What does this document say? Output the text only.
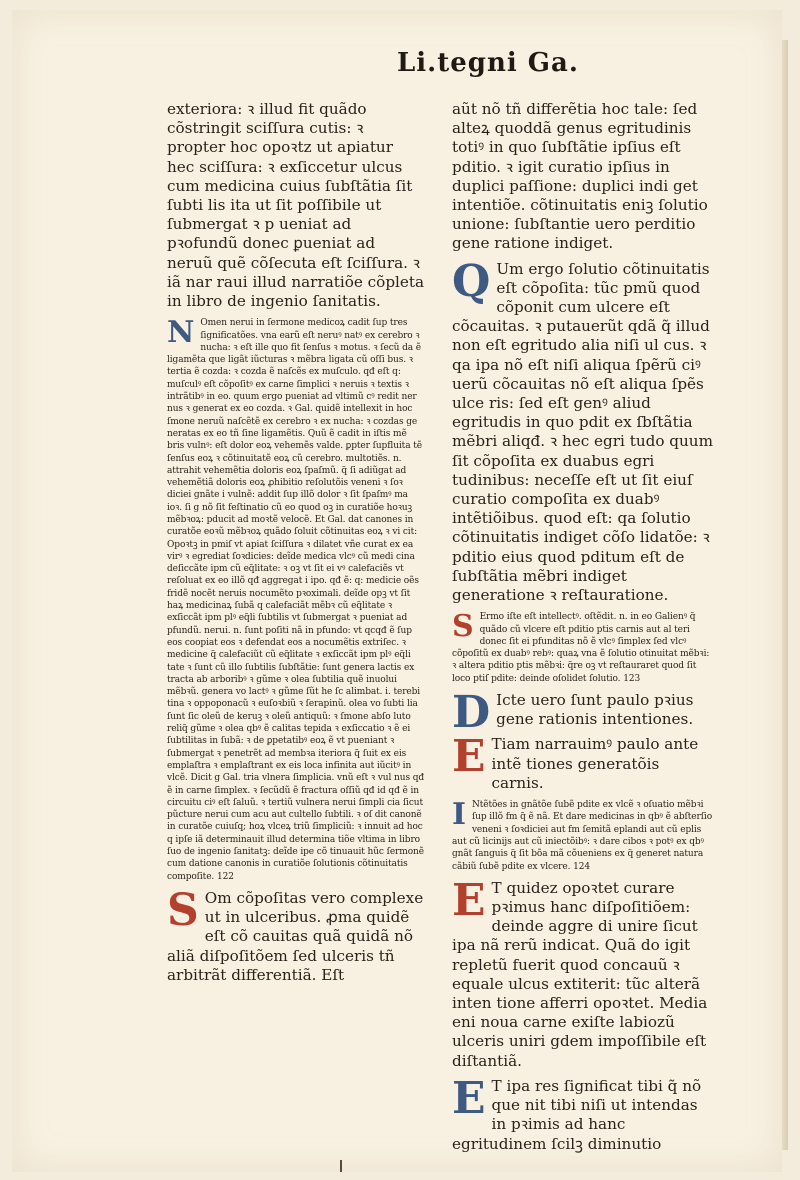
Li.tegni Ga.
exteriora: ꝛ illud fit quãdo cõstringit sciſſura cutis: ꝛ propter hoc opoꝛtz ut apiatur hec sciſſura: ꝛ exſiccetur ulcus cum medicina cuius ſubſtãtia ſit ſubti lis ita ut ſit poſſibile ut ſubmergat ꝛ p ueniat ad pꝛofundũ donec ꝑueniat ad neruũ quẽ cõſecuta eſt ſciſſura. ꝛ iã nar raui illud narratiõe cõpleta in libro de ingenio ſanitatis.
N Omen nerui in ſermone medicoꝝ cadit ſup tres ſignificatões. vna earũ eſt neruꝰ natꝰ ex cerebro ꝛ nucha: ꝛ eſt ille quo fit ſenſus ꝛ motus. ꝛ ſecũ da ẽ ligamẽta que ligãt iũcturas ꝛ mẽbra ligata cũ oſſi bus. ꝛ tertia ẽ cozda: ꝛ cozda ẽ naſcẽs ex muſculo. qđ eſt q: muſculꝰ eſt cõpoſitꝰ ex carne ſimplici ꝛ neruis ꝛ textis ꝛ intrãtibꝰ in eo. quum ergo pueniat ad vltimũ cꝰ redit ner nus ꝛ generat ex eo cozda. ꝛ Gal. quidẽ intellexit in hoc ſmone neruũ naſcẽtẽ ex cerebro ꝛ ex nucha: ꝛ cozdas ge neratas ex eo tñ ſine ligamẽtis. Quũ ẽ cadit in iſtis mẽ bris vulnꝰ: eſt dolor eoꝝ vehemẽs valde. ꝑpter ſupfluita tẽ ſenſus eoꝝ ꝛ cõtinuitatẽ eoꝝ cũ cerebro. multotiẽs. n. attrahit vehemẽtia doloris eoꝝ ſpaſmũ. q̃ ſi adiũgat ad vehemẽtiã doloris eoꝝ ꝓhibitio reſolutõis veneni ꝛ ſoꝛ diciei gnãte i vulnẽ: addit ſup illõ dolor ꝛ ſit ſpaſmꝰ ma ioꝛ. ſi g nõ ſit feſtinatio cũ eo quod oꝫ in curatiõe hoꝛuꝫ mẽbꝛoꝝ: pducit ad moꝛtẽ velocẽ. Et Gal. dat canones in curatõe eoꝛũ mẽbꝛoꝝ quãdo ſoluit cõtinuitas eoꝝ ꝛ vi cit: Opoꝛtꝫ in pmiſ vt apiat ſciſſura ꝛ dilatet vñe curat ex ea virꝰ ꝛ egrediat ſoꝛdicies: deĩde medica vlcꝰ cũ medi cina deſiccãte ipm cũ eq̃litate: ꝛ oꝫ vt ſit ei vꝰ calefaciẽs vt reſoluat ex eo illõ qđ aggregat i ipo. qđ ẽ: q: medicie oẽs fridẽ nocẽt neruis nocumẽto pꝛoximali. deĩde opꝫ vt ſit haꝝ medicinaꝝ ſubã q calefaciãt mẽbꝛ cũ eq̃litate ꝛ exſiccãt ipm plꝰ eq̃li ſubtilis vt ſubmergat ꝛ pueniat ad pfundũ. nerui. n. ſunt poſiti nã in pfundo: vt qcqđ ẽ ſup eos coopiat eos ꝛ defendat eos a nocumẽtis extriſec. ꝛ medicine q̃ calefaciũt cũ eq̃litate ꝛ exſiccãt ipm plꝰ eq̃li tate ꝛ ſunt cũ illo ſubtilis ſubſtãtie: ſunt genera lactis ex tracta ab arboribꝰ ꝛ gũme ꝛ olea ſubtilia quẽ inuolui mẽbꝛũ. genera vo lactꝰ ꝛ gũme ſũt he ſc alimbat. i. terebi tina ꝛ oppoponacũ ꝛ euſoꝛbiũ ꝛ ſerapinũ. olea vo ſubti lia ſunt ſic oleũ de keruꝫ ꝛ oleũ antiquũ: ꝛ ſmone abſo luto reliq̃ gũme ꝛ olea qbꝰ ẽ calitas tepida ꝛ exſiccatio ꝛ ẽ ei ſubtilitas in ſubã: ꝛ de ꝑpetatibꝰ eoꝝ ẽ vt pueniant ꝛ ſubmergat ꝛ penetrẽt ad membꝛa iteriora q̃ ſuit ex eis emplaſtra ꝛ emplaſtrant ex eis loca infinita aut iũcitꝰ in vlcẽ. Dicit g Gal. tria vlnera ſimplicia. vnũ eſt ꝛ vul nus qđ ẽ in carne ſimplex. ꝛ ſecũdũ ẽ fractura oſſiũ qđ id qđ ẽ in circuitu ciꝰ eſt ſaluũ. ꝛ tertiũ vulnera nerui ſimpli cia ſicut pũcture nerui cum acu aut cultello ſubtili. ꝛ oſ dit canonẽ in curatõe cuiuſq; hoꝝ vlceꝝ triũ ſimpliciũ: ꝛ innuit ad hoc q ipſe iã determinauit illud determina tiõe vltima in libro ſuo de ingenio ſanitatꝫ: deĩde ipe cõ tinuauit hũc ſermonẽ cum datione canonis in curatiõe ſolutionis cõtinuitatis compoſite. 122
S Om cõpoſitas vero complexe ut in ulceribus. ꝓma quidẽ eſt cõ cauitas quã quidã nõ aliã diſpoſitõem ſed ulceris tñ arbitrãt differentiã. Eſt
aũt nõ tñ differẽtia hoc tale: ſed alteꝝ quoddã genus egritudinis totiꝰ in quo ſubſtãtie ipſius eſt pditio. ꝛ igit curatio ipſius in duplici paſſione: duplici indi get intentiõe. cõtinuitatis eniꝫ ſolutio unione: ſubſtantie uero perditio gene ratione indiget.
Q Um ergo ſolutio cõtinuitatis eſt cõpoſita: tũc pmũ quod cõponit cum ulcere eſt cõcauitas. ꝛ putauerũt qdã q̃ illud non eſt egritudo alia niſi ul cus. ꝛ qa ipa nõ eſt niſi aliqua ſpẽrũ ciꝰ uerũ cõcauitas nõ eſt aliqua ſpẽs ulce ris: ſed eſt genꝰ aliud egritudis in quo pdit ex ſbſtãtia mẽbri aliqđ. ꝛ hec egri tudo quum ſit cõpoſita ex duabus egri tudinibus: neceſſe eſt ut ſit eiuſ curatio compoſita ex duabꝰ intẽtiõibus. quod eſt: qa ſolutio cõtinuitatis indiget cõſo lidatõe: ꝛ pditio eius quod pditum eſt de ſubſtãtia mẽbri indiget generatione ꝛ reſtauratione.
S Ermo iſte eſt intellectꝰ. oſtẽdit. n. in eo Galienꝰ q̃ quãdo cũ vlcere eſt pditio ptis carnis aut al teri donec ſit ei pfunditas nõ ẽ vlcꝰ ſimplex ſed vlcꝰ cõpoſitũ ex duabꝰ rebꝰ: quaꝝ vna ẽ ſolutio otinuitat mẽbꝛi: ꝛ altera pditio ptis mẽbꝛi: q̃re oꝫ vt reſtauraret quod ſit loco ptiſ pdite: deinde oſolidet ſolutio. 123
D Icte uero ſunt paulo pꝛius gene rationis intentiones.
E Tiam narrauimꝰ paulo ante intẽ tiones generatõis carnis.
I Ntẽtões in gnãtõe ſubẽ pdite ex vlcẽ ꝛ oſuatio mẽbꝛi ſup illõ fm q̃ ẽ nã. Et dare medicinas in qbꝰ ẽ abſterſio veneni ꝛ ſoꝛdiciei aut fm ſemitã eplandi aut cũ eplis aut cũ licinijs aut cũ iniectõibꝰ: ꝛ dare cibos ꝛ potꝰ ex qbꝰ gnãt ſanguis q̃ ſit bõa mã cõueniens ex q̃ generet natura cãbiũ ſubẽ pdite ex vlcere. 124
E T quidez opoꝛtet curare pꝛimus hanc diſpoſitiõem: deinde aggre di unire ſicut ipa nã rerũ indicat. Quã do igit repletũ fuerit quod concauũ ꝛ equale ulcus extiterit: tũc alterã inten tione afferri opoꝛtet. Media eni noua carne exiſte labiozũ ulceris uniri gdem impoſſibile eſt diſtantiã.
E T ipa res ſignificat tibi q̃ nõ que nit tibi niſi ut intendas in pꝛimis ad hanc egritudinem ſcilꝫ diminutio
